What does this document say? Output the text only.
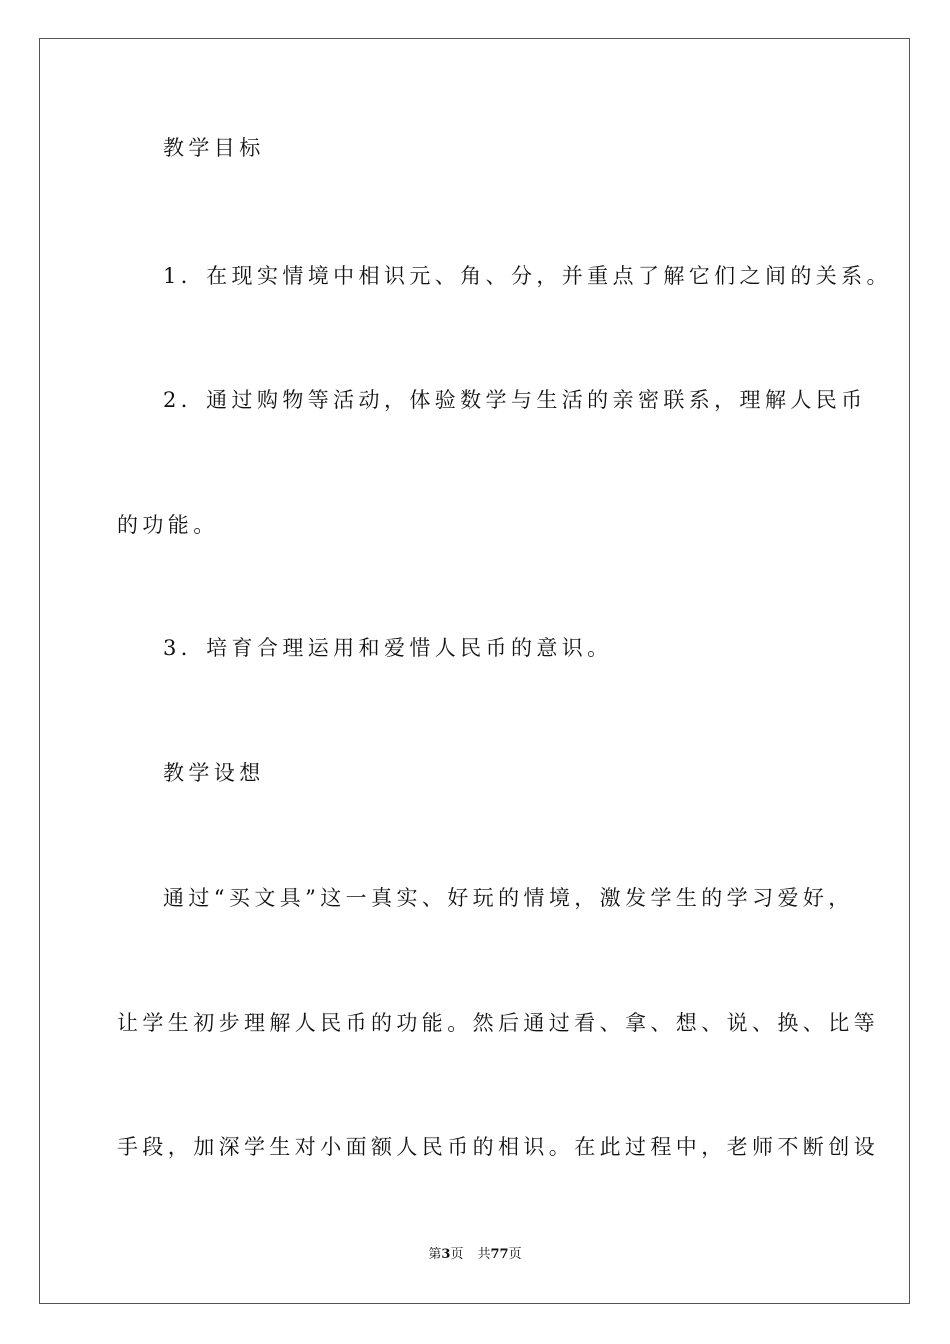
教学目标
1．在现实情境中相识元、角、分，并重点了解它们之间的关系。
2．通过购物等活动，体验数学与生活的亲密联系，理解人民币
的功能。
3．培育合理运用和爱惜人民币的意识。
教学设想
通过“买文具”这一真实、好玩的情境，激发学生的学习爱好，
让学生初步理解人民币的功能。然后通过看、拿、想、说、换、比等
手段，加深学生对小面额人民币的相识。在此过程中，老师不断创设
第3页 共77页
